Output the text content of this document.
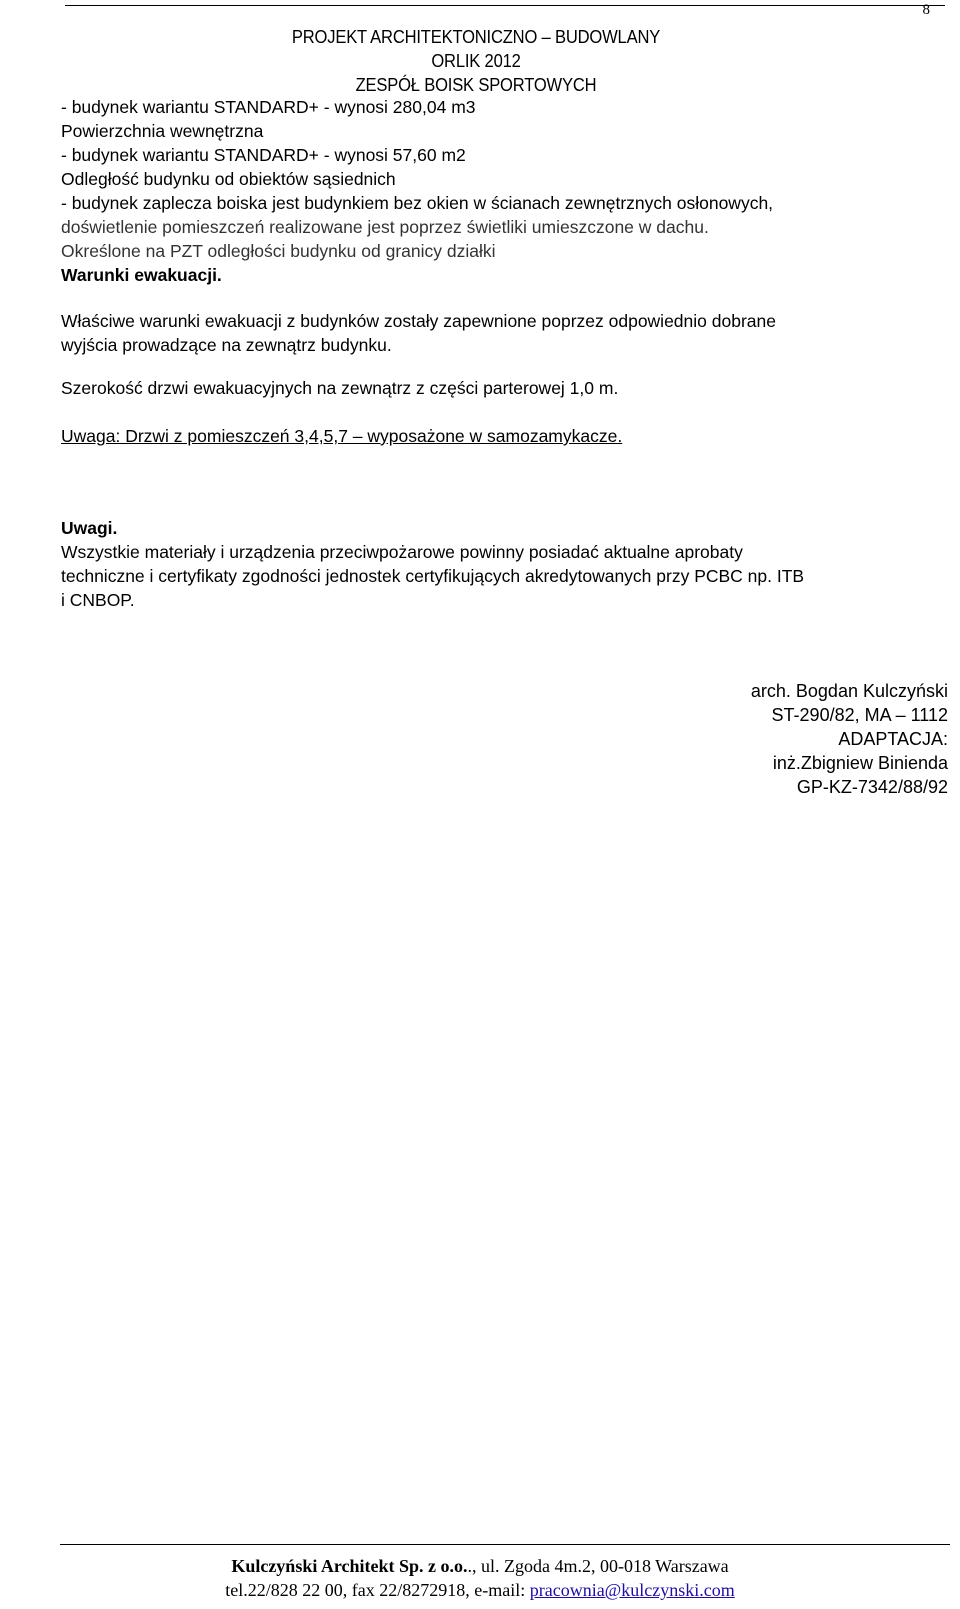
8
PROJEKT ARCHITEKTONICZNO – BUDOWLANY
ORLIK 2012
ZESPÓŁ BOISK SPORTOWYCH
- budynek wariantu STANDARD+ - wynosi 280,04 m3
Powierzchnia wewnętrzna
- budynek wariantu STANDARD+ - wynosi 57,60 m2
Odległość budynku od obiektów sąsiednich
- budynek zaplecza boiska jest budynkiem bez okien w ścianach zewnętrznych osłonowych,
doświetlenie pomieszczeń realizowane jest poprzez świetliki umieszczone w dachu.
Określone na PZT odległości budynku od granicy działki
Warunki ewakuacji.
Właściwe warunki ewakuacji z budynków zostały zapewnione poprzez odpowiednio dobrane
wyjścia prowadzące na zewnątrz budynku.
Szerokość drzwi ewakuacyjnych na zewnątrz z części parterowej 1,0 m.
Uwaga: Drzwi z pomieszczeń 3,4,5,7 – wyposażone w samozamykacze.
Uwagi.
Wszystkie materiały i urządzenia przeciwpożarowe powinny posiadać aktualne aprobaty
techniczne i certyfikaty zgodności jednostek certyfikujących akredytowanych przy PCBC np. ITB
i CNBOP.
arch. Bogdan Kulczyński
ST-290/82, MA – 1112
ADAPTACJA:
inż.Zbigniew Binienda
GP-KZ-7342/88/92
Kulczyński Architekt Sp. z o.o.., ul. Zgoda 4m.2, 00-018 Warszawa
tel.22/828 22 00, fax 22/8272918, e-mail: pracownia@kulczynski.com
